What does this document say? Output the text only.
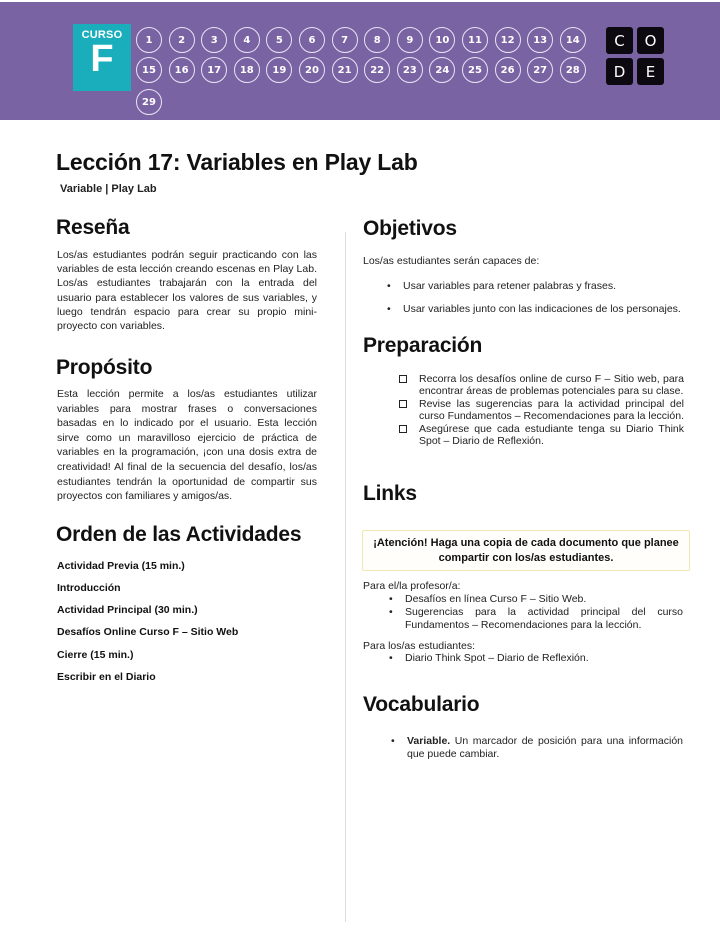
CURSO
F	1	2	3	4	5	6	7	8	9	10	11	12	13	14
15	16	17	18	19	20	21	22	23	24	25	26	27	28
29
C	O
D	E
Lección 17: Variables en Play Lab
Variable | Play Lab
Reseña
Los/as estudiantes podrán seguir practicando con las variables de esta lección creando escenas en Play Lab. Los/as estudiantes trabajarán con la entrada del usuario para establecer los valores de sus variables, y luego tendrán espacio para crear su propio mini-proyecto con variables.
Propósito
Esta lección permite a los/as estudiantes utilizar variables para mostrar frases o conversaciones basadas en lo indicado por el usuario. Esta lección sirve como un maravilloso ejercicio de práctica de variables en la programación, ¡con una dosis extra de creatividad! Al final de la secuencia del desafío, los/as estudiantes tendrán la oportunidad de compartir sus proyectos con familiares y amigos/as.
Orden de las Actividades
Actividad Previa (15 min.)
Introducción
Actividad Principal (30 min.)
Desafíos Online Curso F – Sitio Web
Cierre (15 min.)
Escribir en el Diario
Objetivos
Los/as estudiantes serán capaces de:
• Usar variables para retener palabras y frases.
• Usar variables junto con las indicaciones de los personajes.
Preparación
Recorra los desafíos online de curso F – Sitio web, para encontrar áreas de problemas potenciales para su clase.
Revise las sugerencias para la actividad principal del curso Fundamentos – Recomendaciones para la lección.
Asegúrese que cada estudiante tenga su Diario Think Spot – Diario de Reflexión.
Links
¡Atención! Haga una copia de cada documento que planee compartir con los/as estudiantes.
Para el/la profesor/a:
• Desafíos en línea Curso F – Sitio Web.
• Sugerencias para la actividad principal del curso Fundamentos – Recomendaciones para la lección.
Para los/as estudiantes:
• Diario Think Spot – Diario de Reflexión.
Vocabulario
• Variable. Un marcador de posición para una información que puede cambiar.
